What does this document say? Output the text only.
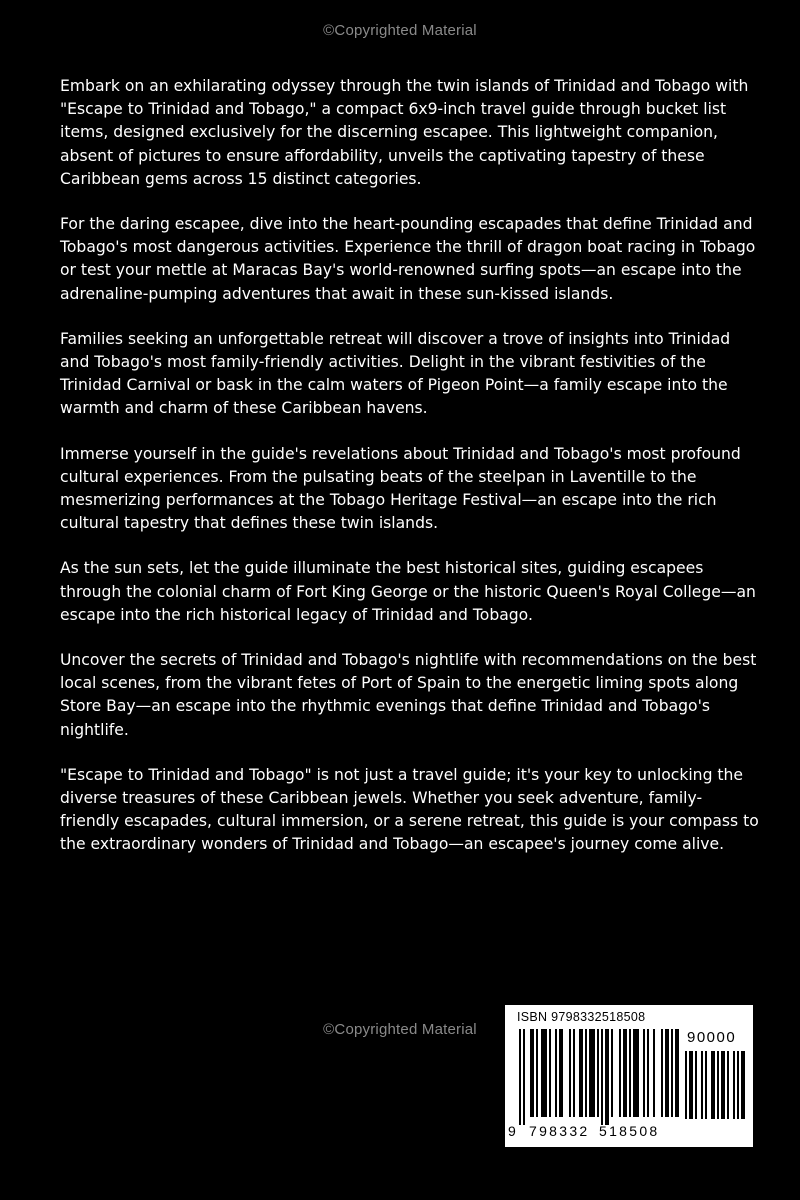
©Copyrighted Material

Embark on an exhilarating odyssey through the twin islands of Trinidad and Tobago with "Escape to Trinidad and Tobago," a compact 6x9-inch travel guide through bucket list items, designed exclusively for the discerning escapee. This lightweight companion, absent of pictures to ensure affordability, unveils the captivating tapestry of these Caribbean gems across 15 distinct categories.

For the daring escapee, dive into the heart-pounding escapades that define Trinidad and Tobago's most dangerous activities. Experience the thrill of dragon boat racing in Tobago or test your mettle at Maracas Bay's world-renowned surfing spots—an escape into the adrenaline-pumping adventures that await in these sun-kissed islands.

Families seeking an unforgettable retreat will discover a trove of insights into Trinidad and Tobago's most family-friendly activities. Delight in the vibrant festivities of the Trinidad Carnival or bask in the calm waters of Pigeon Point—a family escape into the warmth and charm of these Caribbean havens.

Immerse yourself in the guide's revelations about Trinidad and Tobago's most profound cultural experiences. From the pulsating beats of the steelpan in Laventille to the mesmerizing performances at the Tobago Heritage Festival—an escape into the rich cultural tapestry that defines these twin islands.

As the sun sets, let the guide illuminate the best historical sites, guiding escapees through the colonial charm of Fort King George or the historic Queen's Royal College—an escape into the rich historical legacy of Trinidad and Tobago.

Uncover the secrets of Trinidad and Tobago's nightlife with recommendations on the best local scenes, from the vibrant fetes of Port of Spain to the energetic liming spots along Store Bay—an escape into the rhythmic evenings that define Trinidad and Tobago's nightlife.

"Escape to Trinidad and Tobago" is not just a travel guide; it's your key to unlocking the diverse treasures of these Caribbean jewels. Whether you seek adventure, family-friendly escapades, cultural immersion, or a serene retreat, this guide is your compass to the extraordinary wonders of Trinidad and Tobago—an escapee's journey come alive.

©Copyrighted Material
ISBN 9798332518508
90000
9 798332 518508
